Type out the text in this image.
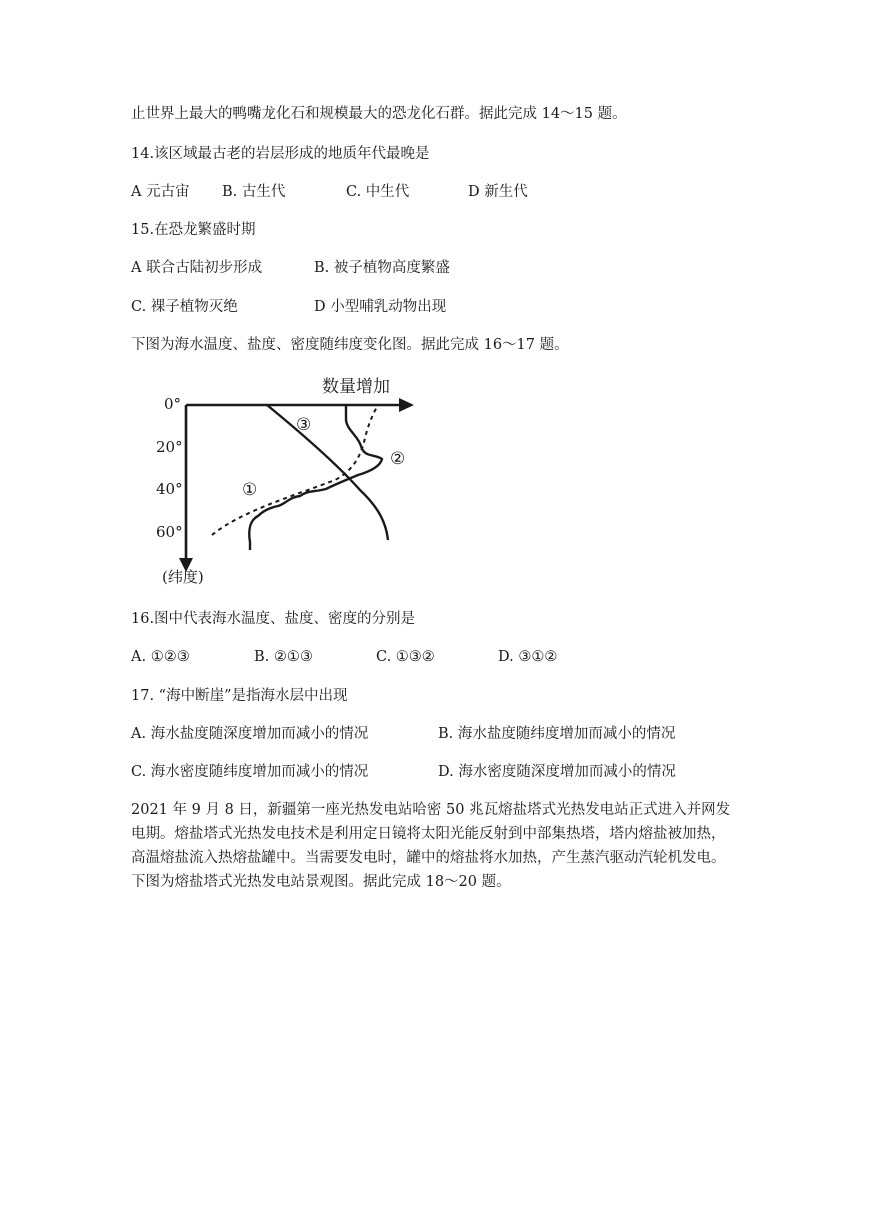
止世界上最大的鸭嘴龙化石和规模最大的恐龙化石群。据此完成 14～15 题。
14.该区域最古老的岩层形成的地质年代最晚是
A 元古宙 B. 古生代	C. 中生代	D 新生代
15.在恐龙繁盛时期
A 联合古陆初步形成	B. 被子植物高度繁盛
C. 裸子植物灭绝	D 小型哺乳动物出现
下图为海水温度、盐度、密度随纬度变化图。据此完成 16～17 题。
数量增加
(纬度)
0°
20°
40°
60°
③
②
①
16.图中代表海水温度、盐度、密度的分别是
A. ①②③	B. ②①③	C. ①③②	D. ③①②
17. “海中断崖”是指海水层中出现
A. 海水盐度随深度增加而减小的情况	B. 海水盐度随纬度增加而减小的情况
C. 海水密度随纬度增加而减小的情况	D. 海水密度随深度增加而减小的情况
2021 年 9 月 8 日，新疆第一座光热发电站哈密 50 兆瓦熔盐塔式光热发电站正式进入并网发
电期。熔盐塔式光热发电技术是利用定日镜将太阳光能反射到中部集热塔，塔内熔盐被加热，
高温熔盐流入热熔盐罐中。当需要发电时，罐中的熔盐将水加热，产生蒸汽驱动汽轮机发电。
下图为熔盐塔式光热发电站景观图。据此完成 18～20 题。
